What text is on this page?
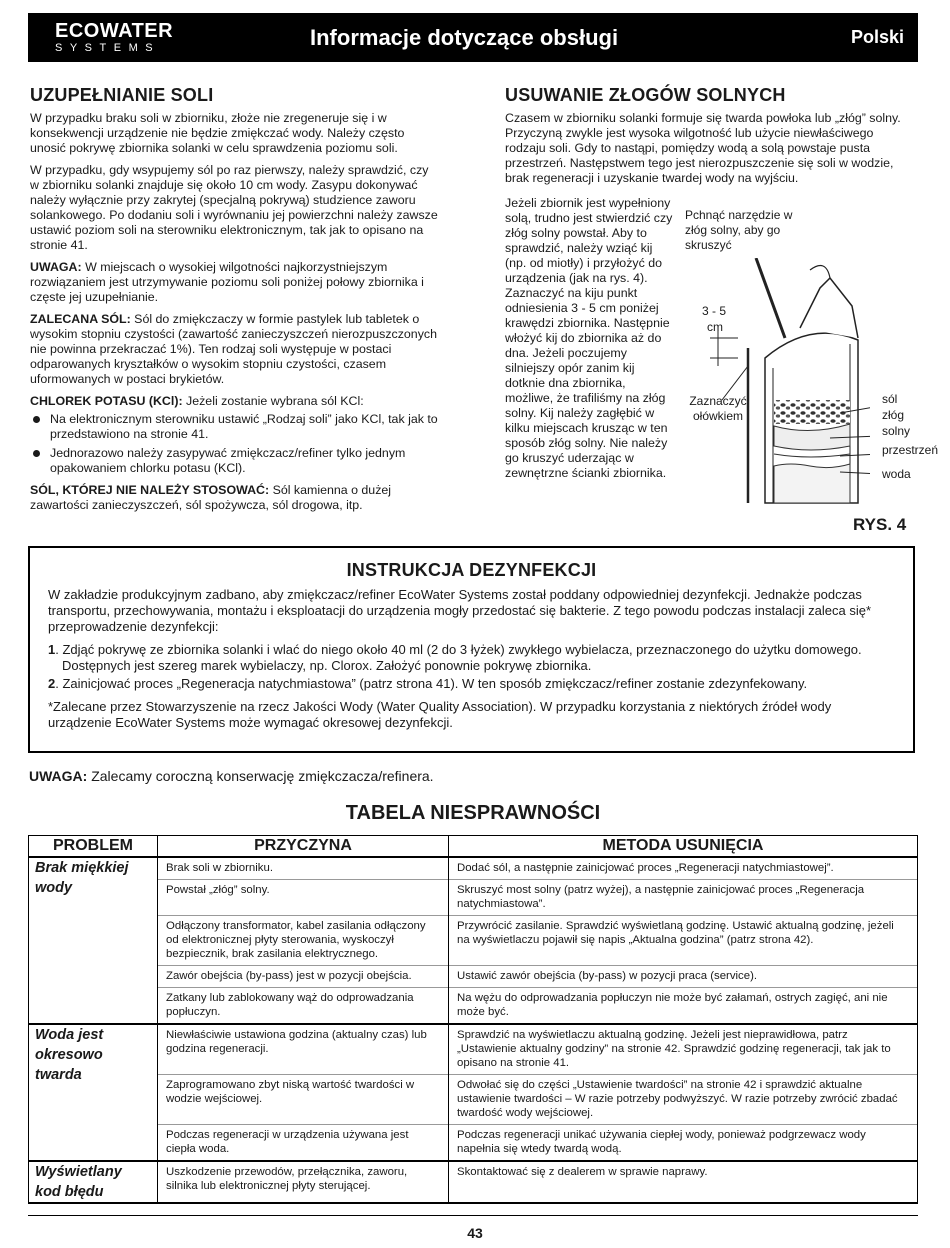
ECOWATER
SYSTEMS	Informacje dotyczące obsługi	Polski
UZUPEŁNIANIE SOLI

W przypadku braku soli w zbiorniku, złoże nie zregeneruje się i w konsekwencji urządzenie nie będzie zmiękczać wody. Należy często unosić pokrywę zbiornika solanki w celu sprawdzenia poziomu soli.

W przypadku, gdy wsypujemy sól po raz pierwszy, należy sprawdzić, czy w zbiorniku solanki znajduje się około 10 cm wody. Zasypu dokonywać należy wyłącznie przy zakrytej (specjalną pokrywą) studzience zaworu solankowego. Po dodaniu soli i wyrównaniu jej powierzchni należy zawsze ustawić poziom soli na sterowniku elektronicznym, tak jak to opisano na stronie 41.

UWAGA: W miejscach o wysokiej wilgotności najkorzystniejszym rozwiązaniem jest utrzymywanie poziomu soli poniżej połowy zbiornika i częste jej uzupełnianie.

ZALECANA SÓL: Sól do zmiękczaczy w formie pastylek lub tabletek o wysokim stopniu czystości (zawartość zanieczyszczeń nierozpuszczonych nie powinna przekraczać 1%). Ten rodzaj soli występuje w postaci odparowanych kryształków o wysokim stopniu czystości, czasem uformowanych w postaci brykietów.

CHLOREK POTASU (KCl): Jeżeli zostanie wybrana sól KCl:

Na elektronicznym sterowniku ustawić „Rodzaj soli” jako KCl, tak jak to przedstawiono na stronie 41.
Jednorazowo należy zasypywać zmiękczacz/refiner tylko jednym opakowaniem chlorku potasu (KCl).

SÓL, KTÓREJ NIE NALEŻY STOSOWAĆ: Sól kamienna o dużej zawartości zanieczyszczeń, sól spożywcza, sól drogowa, itp.

USUWANIE ZŁOGÓW SOLNYCH

Czasem w zbiorniku solanki formuje się twarda powłoka lub „złóg” solny. Przyczyną zwykle jest wysoka wilgotność lub użycie niewłaściwego rodzaju soli. Gdy to nastąpi, pomiędzy wodą a solą powstaje pusta przestrzeń. Następstwem tego jest nierozpuszczenie się soli w wodzie, brak regeneracji i uzyskanie twardej wody na wyjściu.

Jeżeli zbiornik jest wypełniony solą, trudno jest stwierdzić czy złóg solny powstał. Aby to sprawdzić, należy wziąć kij (np. od miotły) i przyłożyć do urządzenia (jak na rys. 4). Zaznaczyć na kiju punkt odniesienia 3 - 5 cm poniżej krawędzi zbiornika. Następnie włożyć kij do zbiornika aż do dna. Jeżeli poczujemy silniejszy opór zanim kij dotknie dna zbiornika, możliwe, że trafiliśmy na złóg solny. Kij należy zagłębić w kilku miejscach krusząc w ten sposób złóg solny. Nie należy go kruszyć uderzając w zewnętrzne ścianki zbiornika.

Pchnąć narzędzie w złóg solny, aby go skruszyć
3 - 5
cm
Zaznaczyć ołówkiem
sól
złóg
solny
przestrzeń
woda
RYS. 4
INSTRUKCJA DEZYNFEKCJI

W zakładzie produkcyjnym zadbano, aby zmiękczacz/refiner EcoWater Systems został poddany odpowiedniej dezynfekcji. Jednakże podczas transportu, przechowywania, montażu i eksploatacji do urządzenia mogły przedostać się bakterie. Z tego powodu podczas instalacji zaleca się* przeprowadzenie dezynfekcji:

1. Zdjąć pokrywę ze zbiornika solanki i wlać do niego około 40 ml (2 do 3 łyżek) zwykłego wybielacza, przeznaczonego do użytku domowego. Dostępnych jest szereg marek wybielaczy, np. Clorox. Założyć ponownie pokrywę zbiornika.
2. Zainicjować proces „Regeneracja natychmiastowa” (patrz strona 41). W ten sposób zmiękczacz/refiner zostanie zdezynfekowany.

*Zalecane przez Stowarzyszenie na rzecz Jakości Wody (Water Quality Association). W przypadku korzystania z niektórych źródeł wody urządzenie EcoWater Systems może wymagać okresowej dezynfekcji.

UWAGA: Zalecamy coroczną konserwację zmiękczacza/refinera.
TABELA NIESPRAWNOŚCI
PROBLEM	PRZYCZYNA	METODA USUNIĘCIA
Brak miękkiej wody	Brak soli w zbiorniku.	Dodać sól, a następnie zainicjować proces „Regeneracji natychmiastowej”.
	Powstał „złóg” solny.	Skruszyć most solny (patrz wyżej), a następnie zainicjować proces „Regeneracja natychmiastowa”.
	Odłączony transformator, kabel zasilania odłączony od elektronicznej płyty sterowania, wyskoczył bezpiecznik, brak zasilania elektrycznego.	Przywrócić zasilanie. Sprawdzić wyświetlaną godzinę. Ustawić aktualną godzinę, jeżeli na wyświetlaczu pojawił się napis „Aktualna godzina” (patrz strona 42).
	Zawór obejścia (by-pass) jest w pozycji obejścia.	Ustawić zawór obejścia (by-pass) w pozycji praca (service).
	Zatkany lub zablokowany wąż do odprowadzania popłuczyn.	Na wężu do odprowadzania popłuczyn nie może być załamań, ostrych zagięć, ani nie może być.
Woda jest okresowo twarda	Niewłaściwie ustawiona godzina (aktualny czas) lub godzina regeneracji.	Sprawdzić na wyświetlaczu aktualną godzinę. Jeżeli jest nieprawidłowa, patrz „Ustawienie aktualny godziny” na stronie 42. Sprawdzić godzinę regeneracji, tak jak to opisano na stronie 41.
	Zaprogramowano zbyt niską wartość twardości w wodzie wejściowej.	Odwołać się do części „Ustawienie twardości” na stronie 42 i sprawdzić aktualne ustawienie twardości – W razie potrzeby podwyższyć. W razie potrzeby zwrócić zbadać twardość wody wejściowej.
	Podczas regeneracji w urządzenia używana jest ciepła woda.	Podczas regeneracji unikać używania ciepłej wody, ponieważ podgrzewacz wody napełnia się wtedy twardą wodą.
Wyświetlany kod błędu	Uszkodzenie przewodów, przełącznika, zaworu, silnika lub elektronicznej płyty sterującej.	Skontaktować się z dealerem w sprawie naprawy.
43
